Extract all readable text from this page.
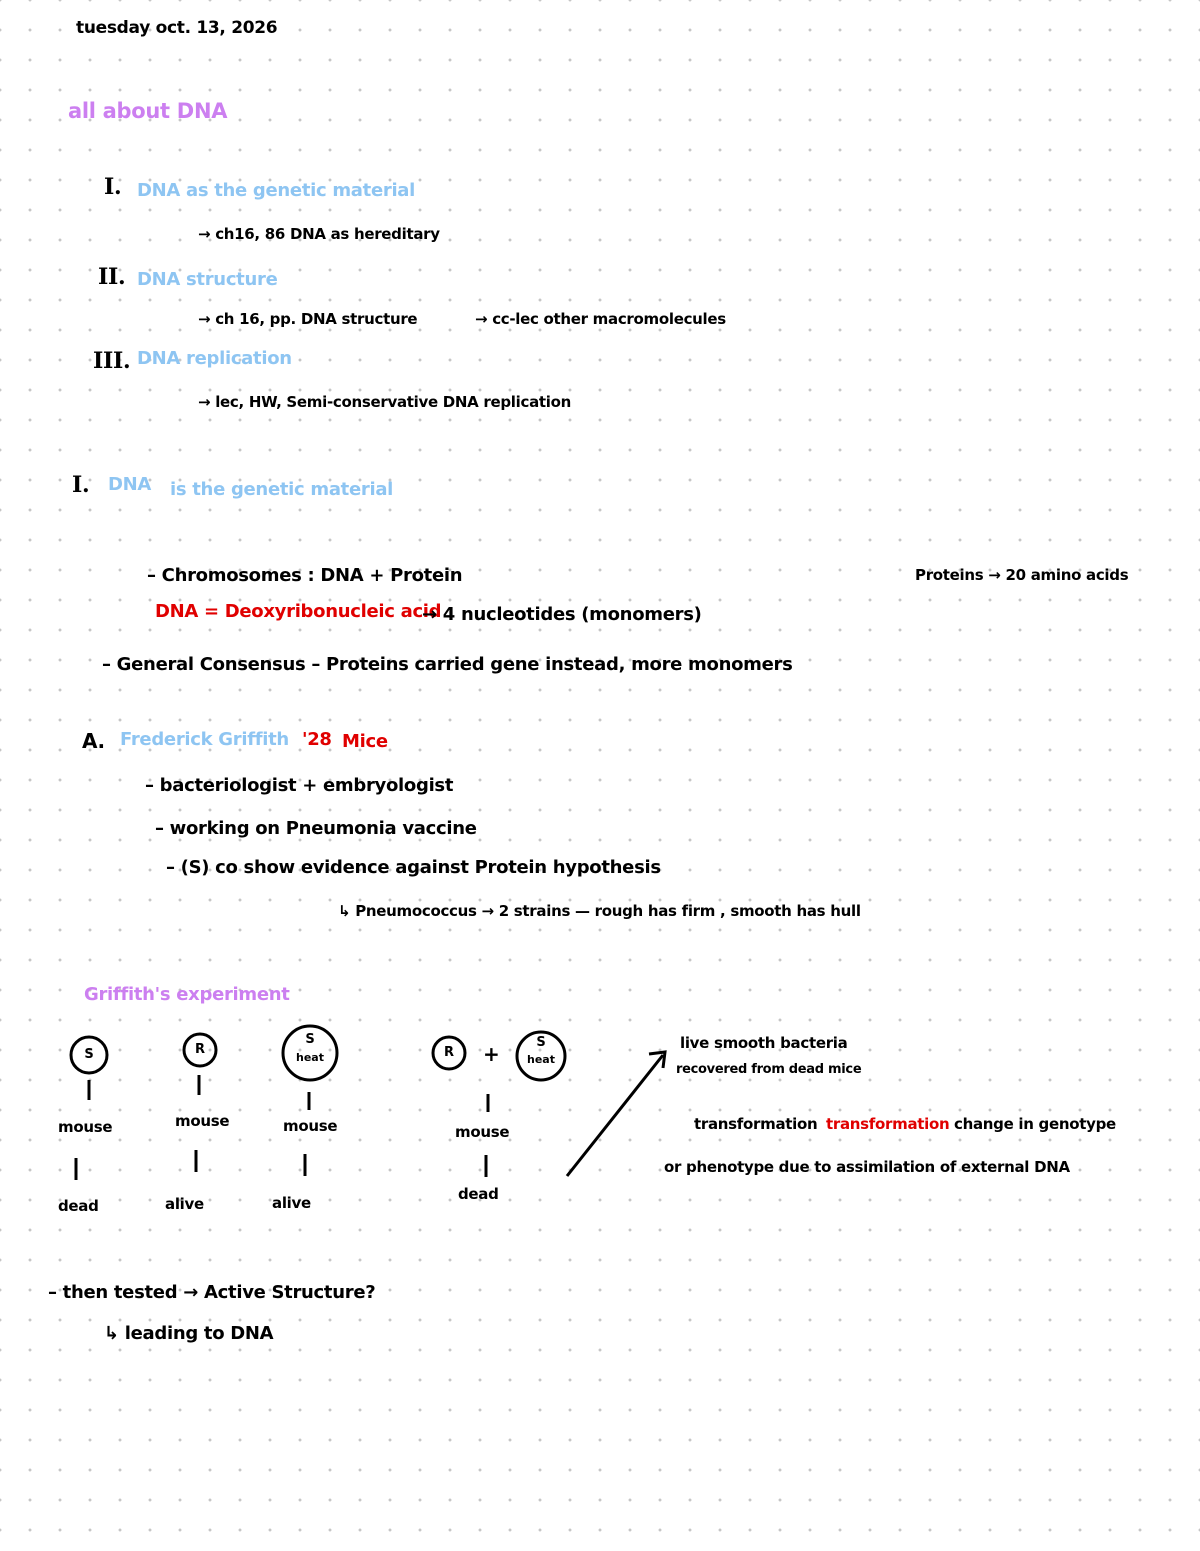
tuesday oct. 13, 2026
all about DNA
I. DNA as the genetic material
→ ch16, 86 DNA as hereditary
II. DNA structure
→ ch 16, pp. DNA structure	→ cc-lec other macromolecules
III. DNA replication
→ lec, HW, Semi-conservative DNA replication
I. DNA is the genetic material
– Chromosomes : DNA + Protein	Proteins → 20 amino acids
DNA = Deoxyribonucleic acid
→ 4 nucleotides (monomers)
– General Consensus – Proteins carried gene instead, more monomers
A. Frederick Griffith '28 Mice
– bacteriologist + embryologist
– working on Pneumonia vaccine
– (S) co show evidence against Protein hypothesis
↳ Pneumococcus → 2 strains — rough has firm , smooth has hull
Griffith's experiment
S	R
S
heat	R +	S
heat
mouse
dead
mouse
alive
mouse
alive
mouse
dead
live smooth bacteria
recovered from dead mice
transformation transformation change in genotype
or phenotype due to assimilation of external DNA
– then tested → Active Structure?
↳ leading to DNA
